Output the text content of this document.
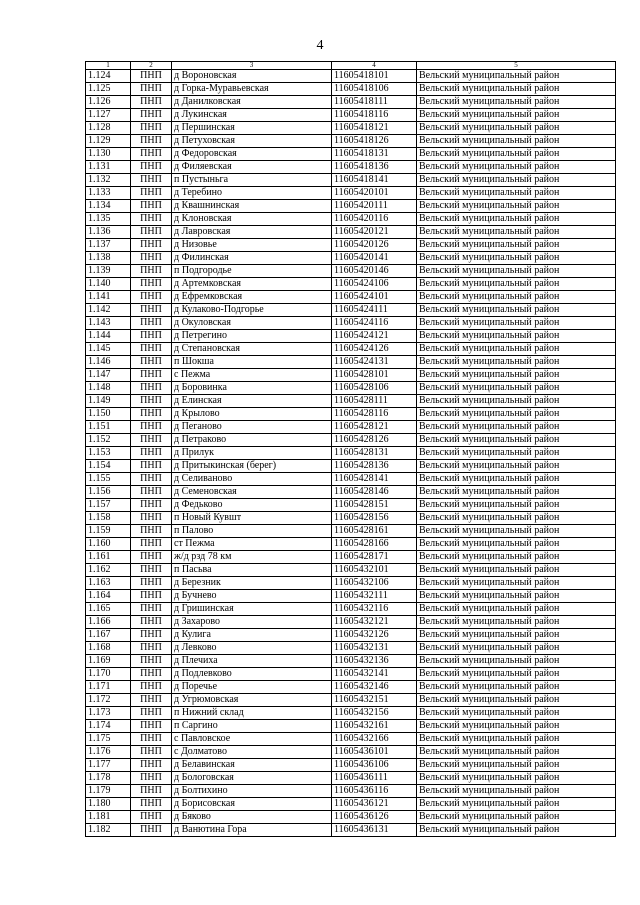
4
1	2	3	4	5
1.124	ПНП	д Вороновская	11605418101	Вельский муниципальный район
1.125	ПНП	д Горка-Муравьевская	11605418106	Вельский муниципальный район
1.126	ПНП	д Данилковская	11605418111	Вельский муниципальный район
1.127	ПНП	д Лукинская	11605418116	Вельский муниципальный район
1.128	ПНП	д Першинская	11605418121	Вельский муниципальный район
1.129	ПНП	д Петуховская	11605418126	Вельский муниципальный район
1.130	ПНП	д Федоровская	11605418131	Вельский муниципальный район
1.131	ПНП	д Филяевская	11605418136	Вельский муниципальный район
1.132	ПНП	п Пустыньга	11605418141	Вельский муниципальный район
1.133	ПНП	д Теребино	11605420101	Вельский муниципальный район
1.134	ПНП	д Квашнинская	11605420111	Вельский муниципальный район
1.135	ПНП	д Клоновская	11605420116	Вельский муниципальный район
1.136	ПНП	д Лавровская	11605420121	Вельский муниципальный район
1.137	ПНП	д Низовье	11605420126	Вельский муниципальный район
1.138	ПНП	д Филинская	11605420141	Вельский муниципальный район
1.139	ПНП	п Подгородье	11605420146	Вельский муниципальный район
1.140	ПНП	д Артемковская	11605424106	Вельский муниципальный район
1.141	ПНП	д Ефремковская	11605424101	Вельский муниципальный район
1.142	ПНП	д Кулаково-Подгорье	11605424111	Вельский муниципальный район
1.143	ПНП	д Окуловская	11605424116	Вельский муниципальный район
1.144	ПНП	д Петрегино	11605424121	Вельский муниципальный район
1.145	ПНП	д Степановская	11605424126	Вельский муниципальный район
1.146	ПНП	п Шокша	11605424131	Вельский муниципальный район
1.147	ПНП	с Пежма	11605428101	Вельский муниципальный район
1.148	ПНП	д Боровинка	11605428106	Вельский муниципальный район
1.149	ПНП	д Елинская	11605428111	Вельский муниципальный район
1.150	ПНП	д Крылово	11605428116	Вельский муниципальный район
1.151	ПНП	д Пеганово	11605428121	Вельский муниципальный район
1.152	ПНП	д Петраково	11605428126	Вельский муниципальный район
1.153	ПНП	д Прилук	11605428131	Вельский муниципальный район
1.154	ПНП	д Притыкинская (берег)	11605428136	Вельский муниципальный район
1.155	ПНП	д Селиваново	11605428141	Вельский муниципальный район
1.156	ПНП	д Семеновская	11605428146	Вельский муниципальный район
1.157	ПНП	д Федьково	11605428151	Вельский муниципальный район
1.158	ПНП	п Новый Кувшт	11605428156	Вельский муниципальный район
1.159	ПНП	п Палово	11605428161	Вельский муниципальный район
1.160	ПНП	ст Пежма	11605428166	Вельский муниципальный район
1.161	ПНП	ж/д рзд 78 км	11605428171	Вельский муниципальный район
1.162	ПНП	п Пасьва	11605432101	Вельский муниципальный район
1.163	ПНП	д Березник	11605432106	Вельский муниципальный район
1.164	ПНП	д Бучнево	11605432111	Вельский муниципальный район
1.165	ПНП	д Гришинская	11605432116	Вельский муниципальный район
1.166	ПНП	д Захарово	11605432121	Вельский муниципальный район
1.167	ПНП	д Кулига	11605432126	Вельский муниципальный район
1.168	ПНП	д Левково	11605432131	Вельский муниципальный район
1.169	ПНП	д Плечиха	11605432136	Вельский муниципальный район
1.170	ПНП	д Подлевково	11605432141	Вельский муниципальный район
1.171	ПНП	д Поречье	11605432146	Вельский муниципальный район
1.172	ПНП	д Угрюмовская	11605432151	Вельский муниципальный район
1.173	ПНП	п Нижний склад	11605432156	Вельский муниципальный район
1.174	ПНП	п Саргино	11605432161	Вельский муниципальный район
1.175	ПНП	с Павловское	11605432166	Вельский муниципальный район
1.176	ПНП	с Долматово	11605436101	Вельский муниципальный район
1.177	ПНП	д Белавинская	11605436106	Вельский муниципальный район
1.178	ПНП	д Бологовская	11605436111	Вельский муниципальный район
1.179	ПНП	д Болтихино	11605436116	Вельский муниципальный район
1.180	ПНП	д Борисовская	11605436121	Вельский муниципальный район
1.181	ПНП	д Бяково	11605436126	Вельский муниципальный район
1.182	ПНП	д Ванютина Гора	11605436131	Вельский муниципальный район
